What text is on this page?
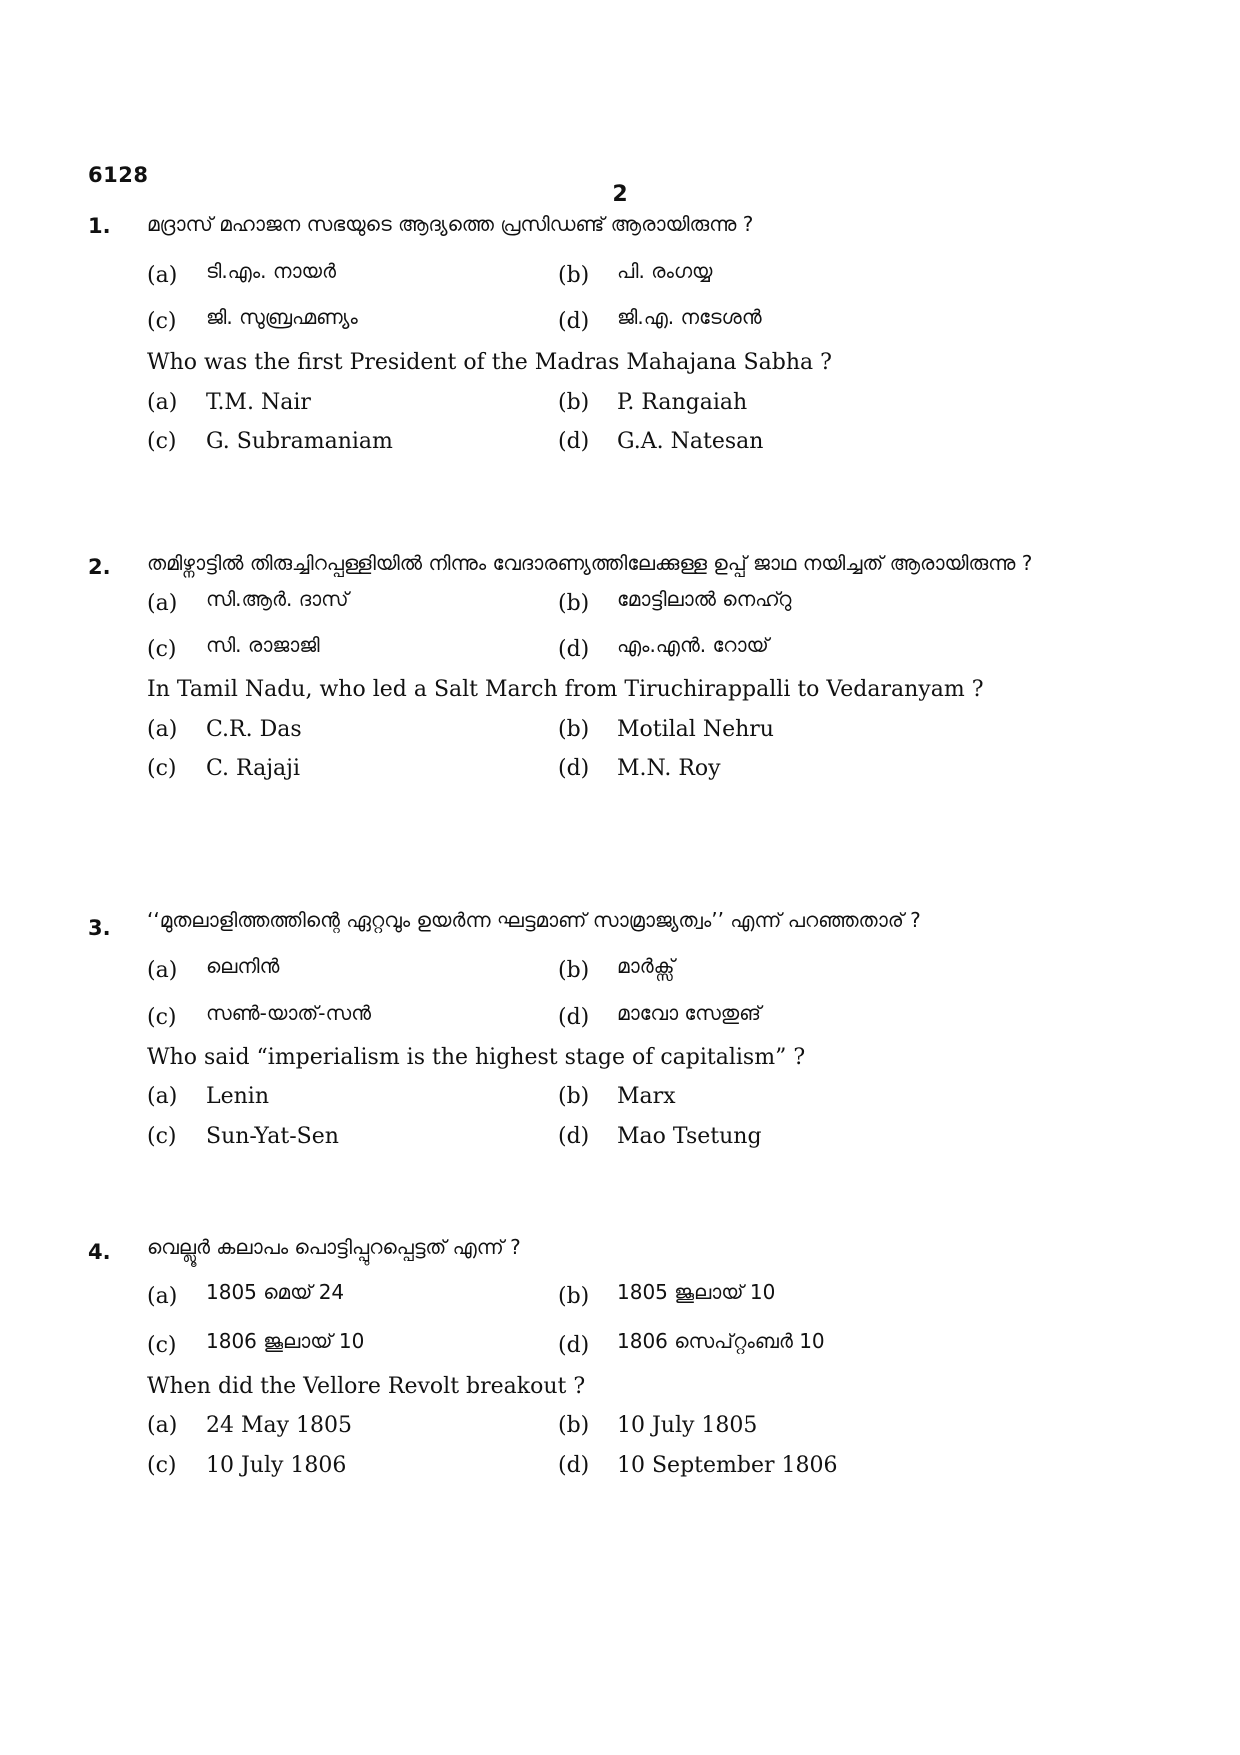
6128
2
1. മദ്രാസ് മഹാജന സഭയുടെ ആദ്യത്തെ പ്രസിഡണ്ട് ആരായിരുന്നു ?
(a) ടി.എം. നായർ	(b) പി. രംഗയ്യ
(c) ജി. സുബ്രഹ്മണ്യം	(d) ജി.എ. നടേശൻ
Who was the first President of the Madras Mahajana Sabha ?
(a) T.M. Nair	(b) P. Rangaiah
(c) G. Subramaniam	(d) G.A. Natesan
2. തമിഴ്നാട്ടിൽ തിരുച്ചിറപ്പള്ളിയിൽ നിന്നും വേദാരണ്യത്തിലേക്കുള്ള ഉപ്പ് ജാഥ നയിച്ചത് ആരായിരുന്നു ?
(a) സി.ആർ. ദാസ്	(b) മോട്ടിലാൽ നെഹ്റു
(c) സി. രാജാജി	(d) എം.എൻ. റോയ്
In Tamil Nadu, who led a Salt March from Tiruchirappalli to Vedaranyam ?
(a) C.R. Das	(b) Motilal Nehru
(c) C. Rajaji	(d) M.N. Roy
3. ‘‘മുതലാളിത്തത്തിന്റെ ഏറ്റവും ഉയർന്ന ഘട്ടമാണ് സാമ്രാജ്യത്വം’’ എന്ന് പറഞ്ഞതാര് ?
(a) ലെനിൻ	(b) മാർക്സ്
(c) സൺ-യാത്-സൻ	(d) മാവോ സേതുങ്
Who said “imperialism is the highest stage of capitalism” ?
(a) Lenin	(b) Marx
(c) Sun-Yat-Sen	(d) Mao Tsetung
4. വെല്ലൂർ കലാപം പൊട്ടിപ്പുറപ്പെട്ടത് എന്ന് ?
(a) 1805 മെയ് 24	(b) 1805 ജൂലായ് 10
(c) 1806 ജൂലായ് 10	(d) 1806 സെപ്റ്റംബർ 10
When did the Vellore Revolt breakout ?
(a) 24 May 1805	(b) 10 July 1805
(c) 10 July 1806	(d) 10 September 1806
